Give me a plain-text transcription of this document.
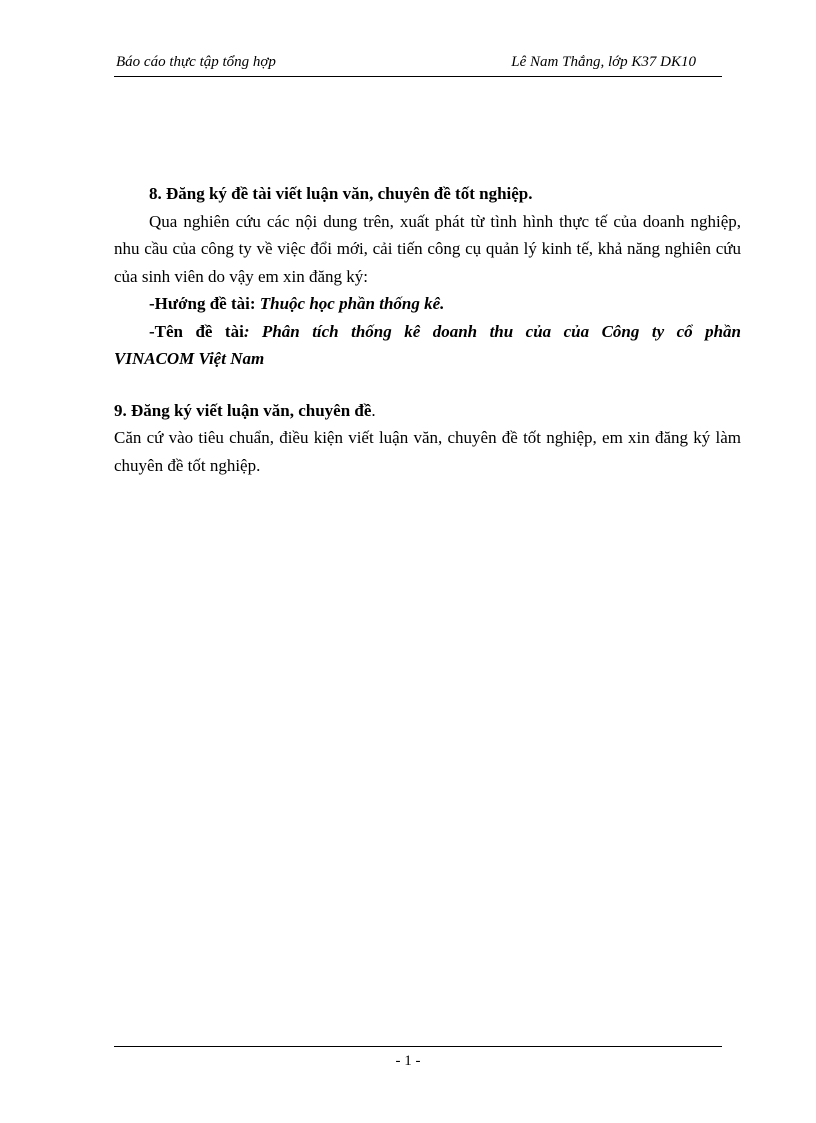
Báo cáo thực tập tổng hợp	Lê Nam Thắng, lớp K37 DK10

8. Đăng ký đề tài viết luận văn, chuyên đề tốt nghiệp.

Qua nghiên cứu các nội dung trên, xuất phát từ tình hình thực tế của doanh nghiệp, nhu cầu của công ty về việc đổi mới, cải tiến công cụ quản lý kinh tế, khả năng nghiên cứu của sinh viên do vậy em xin đăng ký:

-Hướng đề tài: Thuộc học phần thống kê.

-Tên đề tài: Phân tích thống kê doanh thu của của Công ty cổ phần

VINACOM Việt Nam

9. Đăng ký viết luận văn, chuyên đề.

Căn cứ vào tiêu chuẩn, điều kiện viết luận văn, chuyên đề tốt nghiệp, em xin đăng ký làm chuyên đề tốt nghiệp.

- 1 -
